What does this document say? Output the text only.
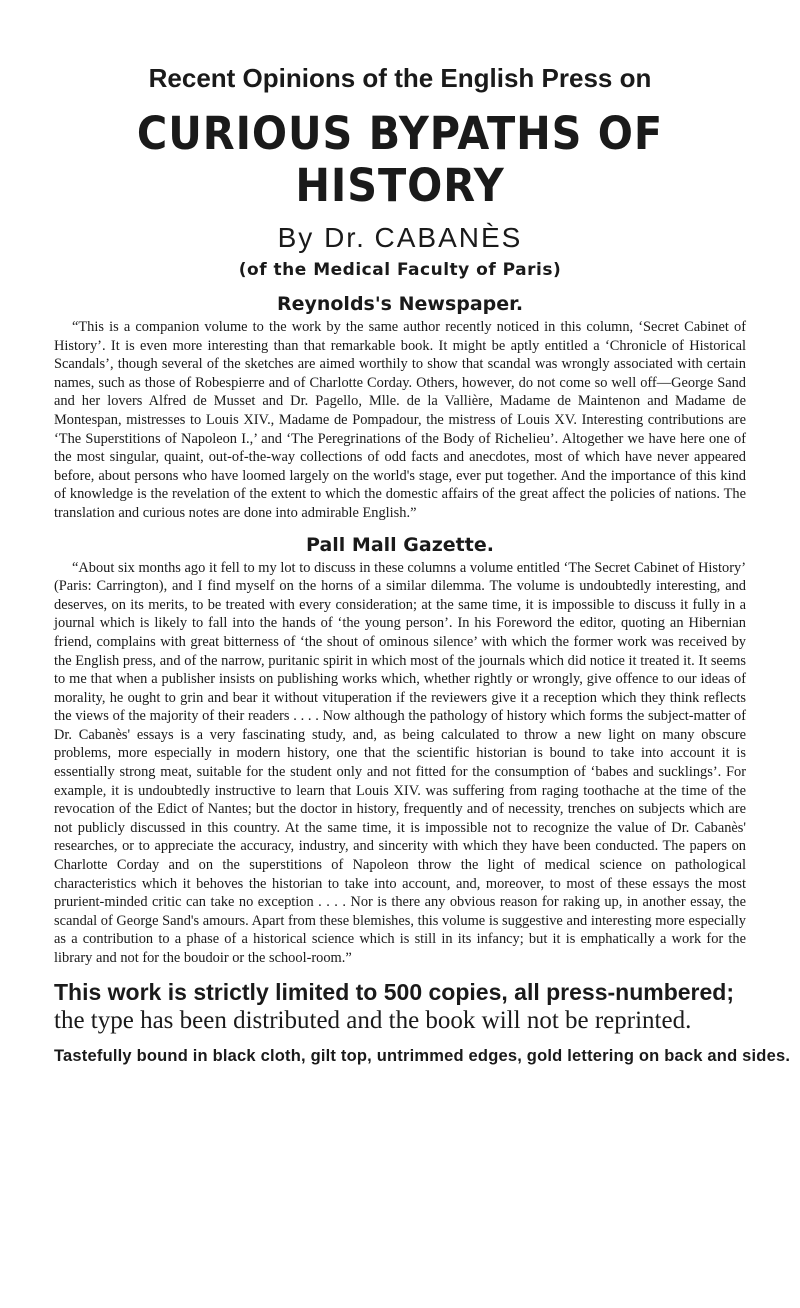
Recent Opinions of the English Press on

CURIOUS BYPATHS OF HISTORY

By Dr. CABANÈS

(of the Medical Faculty of Paris)

Reynolds's Newspaper.

“This is a companion volume to the work by the same author recently noticed in this column, ‘Secret Cabinet of History’. It is even more interesting than that remarkable book. It might be aptly entitled a ‘Chronicle of Historical Scandals’, though several of the sketches are aimed worthily to show that scandal was wrongly associated with certain names, such as those of Robespierre and of Charlotte Corday. Others, however, do not come so well off—George Sand and her lovers Alfred de Musset and Dr. Pagello, Mlle. de la Vallière, Madame de Maintenon and Madame de Montespan, mistresses to Louis XIV., Madame de Pompadour, the mistress of Louis XV. Interesting contributions are ‘The Superstitions of Napoleon I.,’ and ‘The Peregrinations of the Body of Richelieu’. Altogether we have here one of the most singular, quaint, out-of-the-way collections of odd facts and anecdotes, most of which have never appeared before, about persons who have loomed largely on the world's stage, ever put together. And the importance of this kind of knowledge is the revelation of the extent to which the domestic affairs of the great affect the policies of nations. The translation and curious notes are done into admirable English.”

Pall Mall Gazette.

“About six months ago it fell to my lot to discuss in these columns a volume entitled ‘The Secret Cabinet of History’ (Paris: Carrington), and I find myself on the horns of a similar dilemma. The volume is undoubtedly interesting, and deserves, on its merits, to be treated with every consideration; at the same time, it is impossible to discuss it fully in a journal which is likely to fall into the hands of ‘the young person’. In his Foreword the editor, quoting an Hibernian friend, complains with great bitterness of ‘the shout of ominous silence’ with which the former work was received by the English press, and of the narrow, puritanic spirit in which most of the journals which did notice it treated it. It seems to me that when a publisher insists on publishing works which, whether rightly or wrongly, give offence to our ideas of morality, he ought to grin and bear it without vituperation if the reviewers give it a reception which they think reflects the views of the majority of their readers . . . . Now although the pathology of history which forms the subject-matter of Dr. Cabanès' essays is a very fascinating study, and, as being calculated to throw a new light on many obscure problems, more especially in modern history, one that the scientific historian is bound to take into account it is essentially strong meat, suitable for the student only and not fitted for the consumption of ‘babes and sucklings’. For example, it is undoubtedly instructive to learn that Louis XIV. was suffering from raging toothache at the time of the revocation of the Edict of Nantes; but the doctor in history, frequently and of necessity, trenches on subjects which are not publicly discussed in this country. At the same time, it is impossible not to recognize the value of Dr. Cabanès' researches, or to appreciate the accuracy, industry, and sincerity with which they have been conducted. The papers on Charlotte Corday and on the superstitions of Napoleon throw the light of medical science on pathological characteristics which it behoves the historian to take into account, and, moreover, to most of these essays the most prurient-minded critic can take no exception . . . . Nor is there any obvious reason for raking up, in another essay, the scandal of George Sand's amours. Apart from these blemishes, this volume is suggestive and interesting more especially as a contribution to a phase of a historical science which is still in its infancy; but it is emphatically a work for the library and not for the boudoir or the school-room.”

This work is strictly limited to 500 copies, all press-numbered; the type has been distributed and the book will not be reprinted.

Tastefully bound in black cloth, gilt top, untrimmed edges, gold lettering on back and sides.
